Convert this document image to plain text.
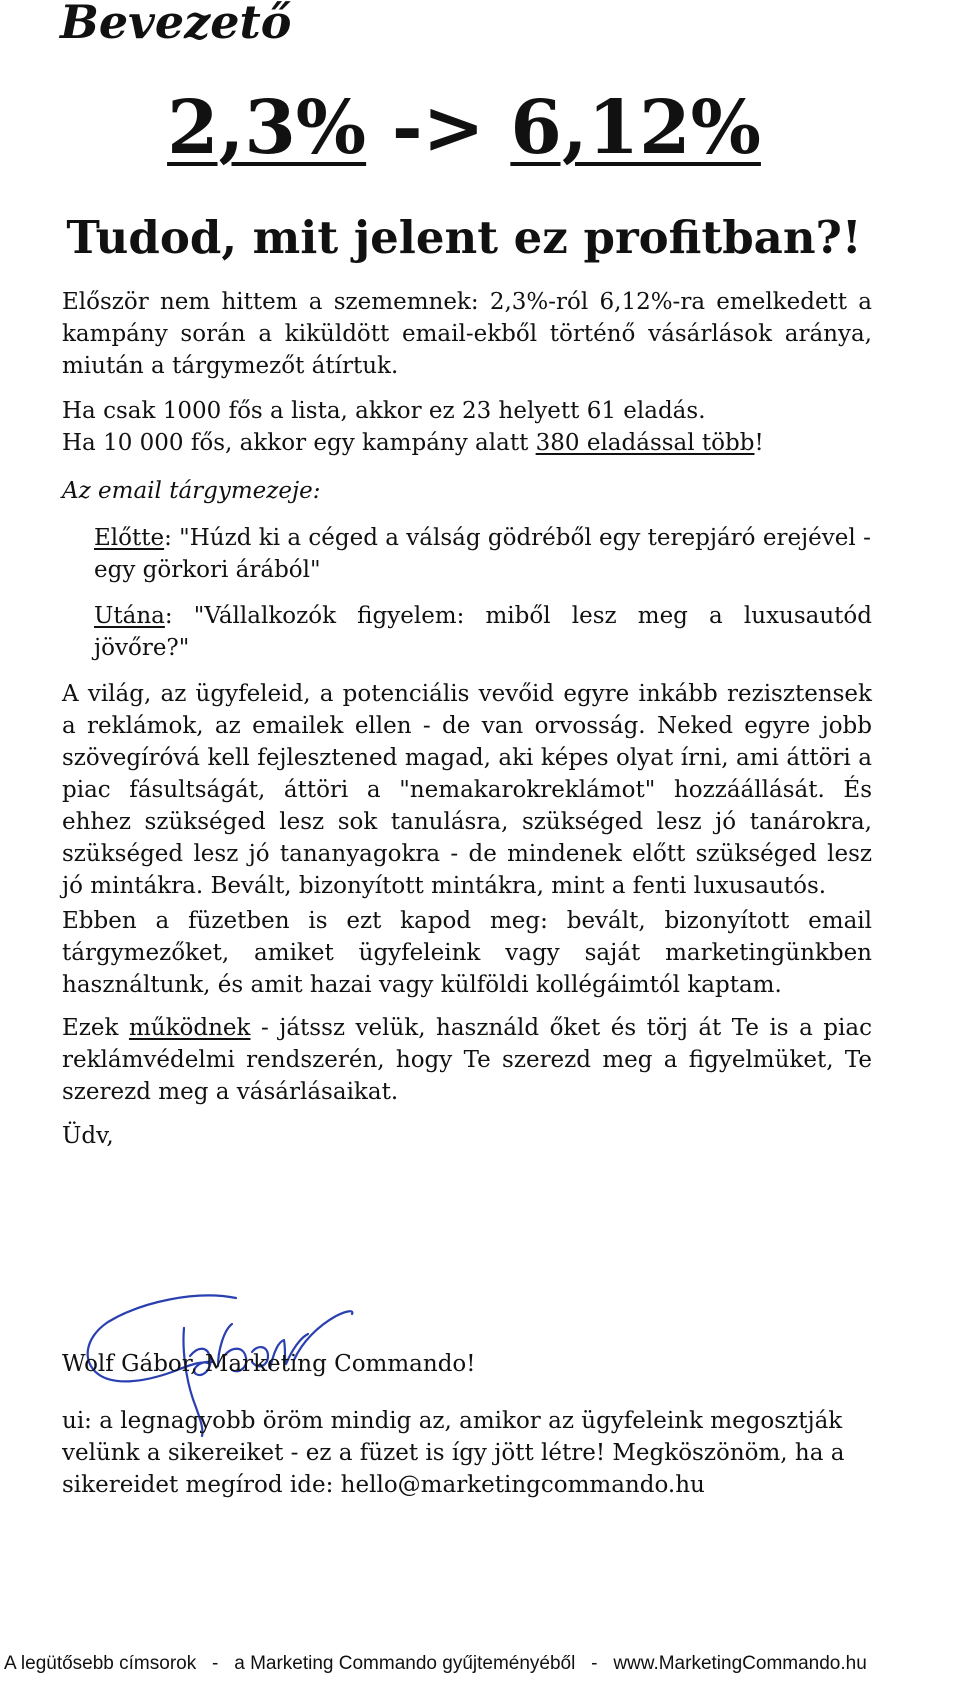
Bevezető
2,3% -> 6,12%
Tudod, mit jelent ez profitban?!

Először nem hittem a szememnek: 2,3%-ról 6,12%-ra emelkedett a kampány során a kiküldött email-ekből történő vásárlások aránya, miután a tárgymezőt átírtuk.

Ha csak 1000 fős a lista, akkor ez 23 helyett 61 eladás.

Ha 10 000 fős, akkor egy kampány alatt 380 eladással több!

Az email tárgymezeje:

Előtte: "Húzd ki a céged a válság gödréből egy terepjáró erejével - egy görkori árából"

Utána: "Vállalkozók figyelem: miből lesz meg a luxusautód jövőre?"

A világ, az ügyfeleid, a potenciális vevőid egyre inkább rezisztensek a reklámok, az emailek ellen - de van orvosság. Neked egyre jobb szövegíróvá kell fejlesztened magad, aki képes olyat írni, ami áttöri a piac fásultságát, áttöri a "nemakarokreklámot" hozzáállását. És ehhez szükséged lesz sok tanulásra, szükséged lesz jó tanárokra, szükséged lesz jó tananyagokra - de mindenek előtt szükséged lesz jó mintákra. Bevált, bizonyított mintákra, mint a fenti luxusautós.

Ebben a füzetben is ezt kapod meg: bevált, bizonyított email tárgymezőket, amiket ügyfeleink vagy saját marketingünkben használtunk, és amit hazai vagy külföldi kollégáimtól kaptam.

Ezek működnek - játssz velük, használd őket és törj át Te is a piac reklámvédelmi rendszerén, hogy Te szerezd meg a figyelmüket, Te szerezd meg a vásárlásaikat.

Üdv,

Wolf Gábor, Marketing Commando!

ui: a legnagyobb öröm mindig az, amikor az ügyfeleink megosztják velünk a sikereiket - ez a füzet is így jött létre! Megköszönöm, ha a sikereidet megírod ide: hello@marketingcommando.hu

A legütősebb címsorok   -   a Marketing Commando gyűjteményéből   -   www.MarketingCommando.hu
